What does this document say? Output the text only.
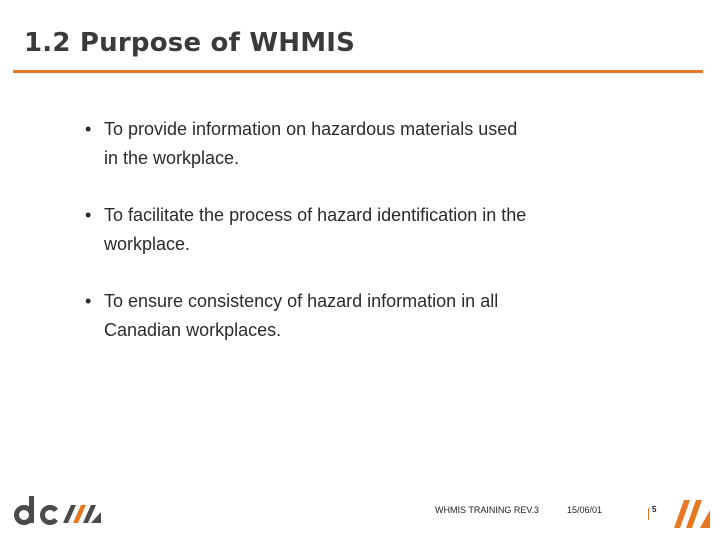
1.2 Purpose of WHMIS
• To provide information on hazardous materials used
in the workplace.
• To facilitate the process of hazard identification in the
workplace.
• To ensure consistency of hazard information in all
Canadian workplaces.
WHMIS TRAINING REV.3	15/06/01	5
